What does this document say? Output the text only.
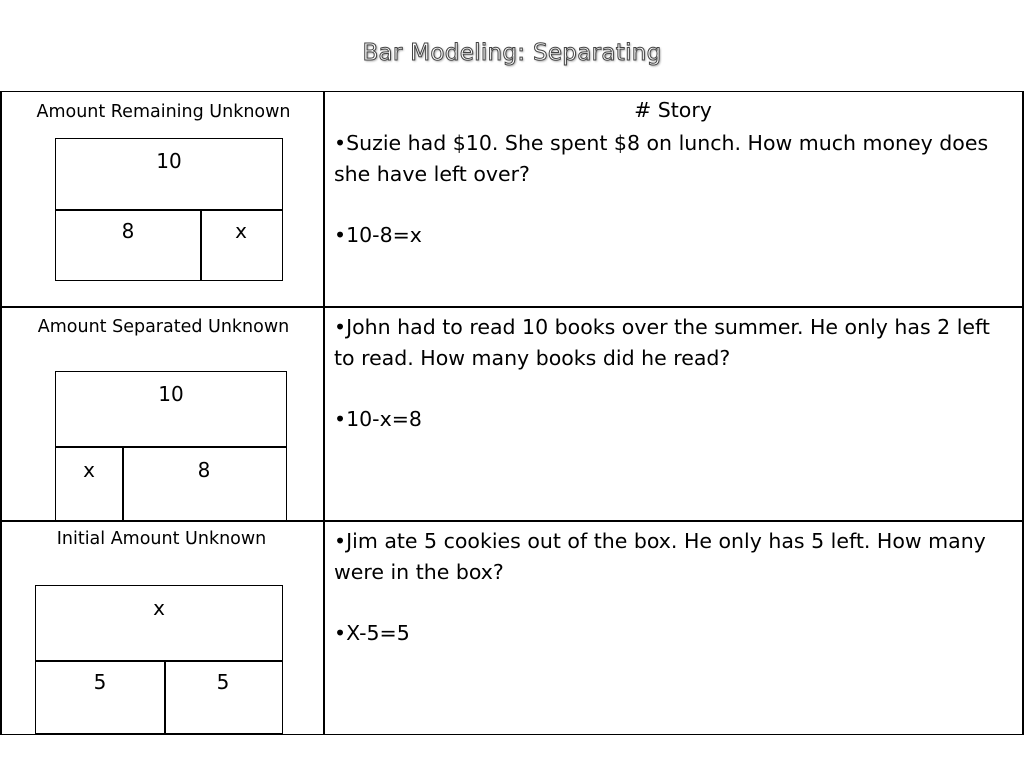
Bar Modeling: Separating
# Story
Amount Remaining Unknown
10
8	x

•Suzie had $10. She spent $8 on lunch. How much money does she have left over?

•10-8=x

Amount Separated Unknown
10
x	8

•John had to read 10 books over the summer. He only has 2 left to read. How many books did he read?

•10-x=8

Initial Amount Unknown
x
5	5

•Jim ate 5 cookies out of the box. He only has 5 left. How many were in the box?

•X-5=5
